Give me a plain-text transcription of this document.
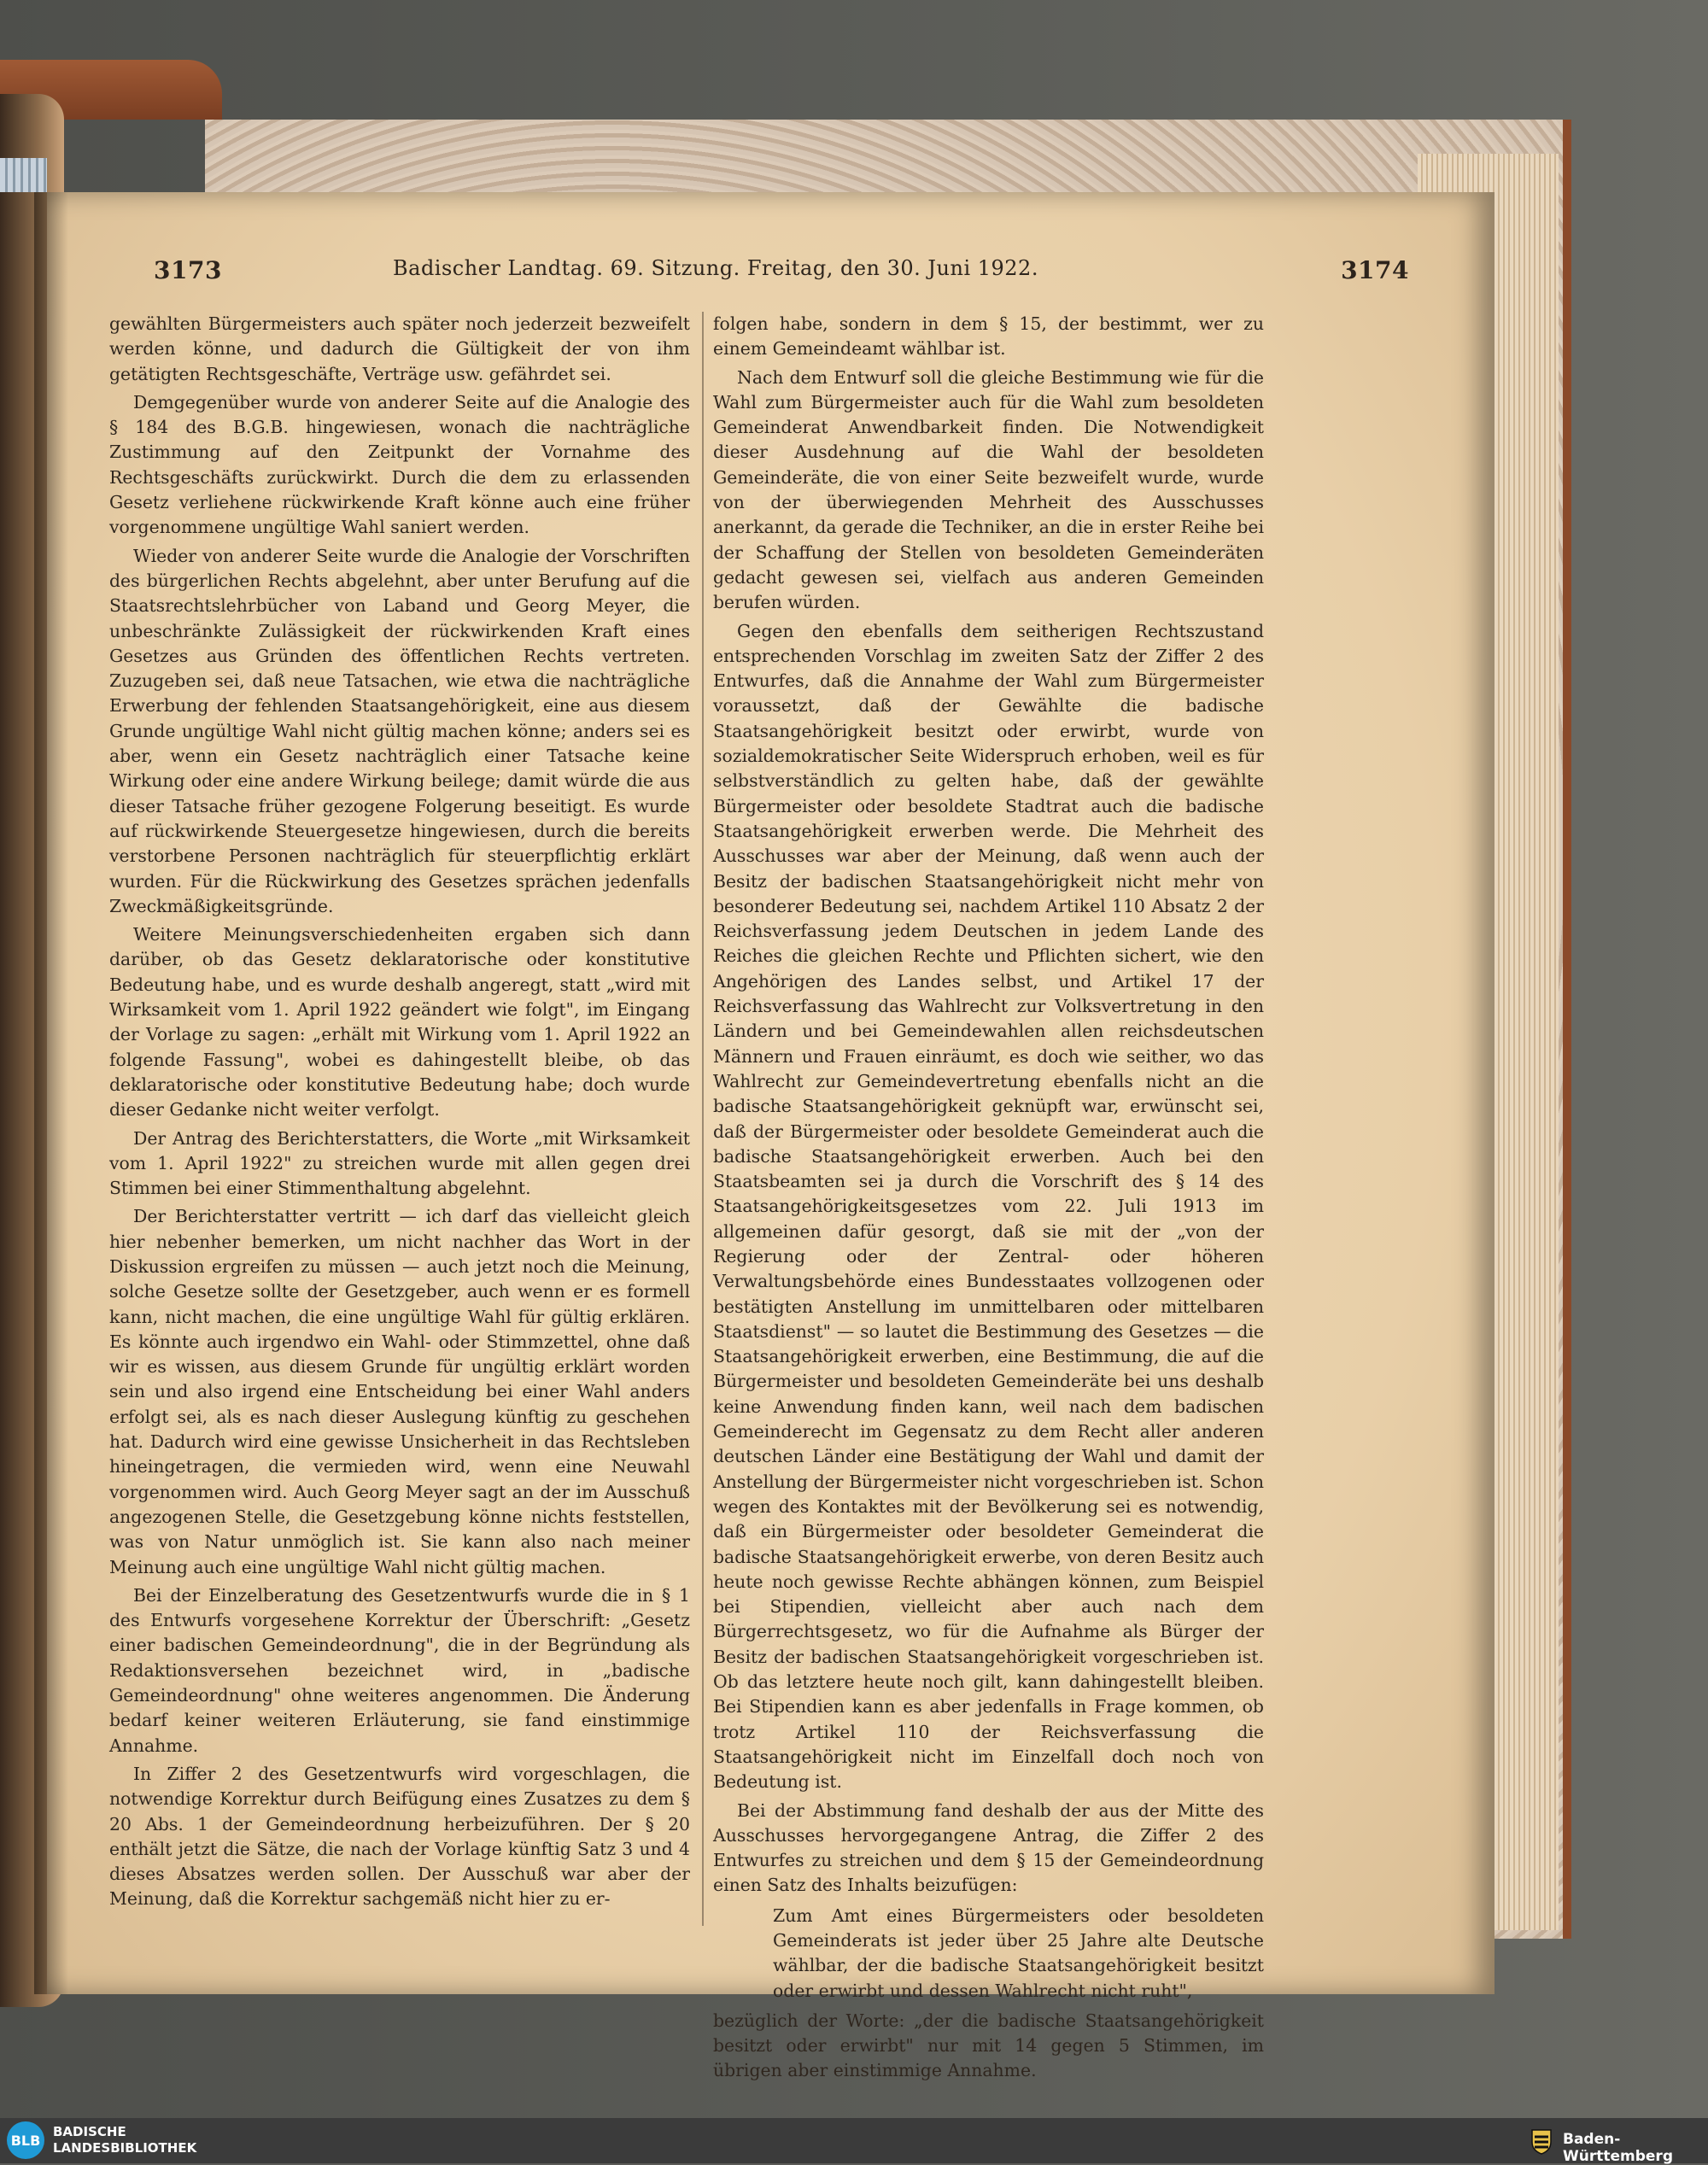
3173	Badischer Landtag. 69. Sitzung. Freitag, den 30. Juni 1922.	3174

gewählten Bürgermeisters auch später noch jederzeit bezweifelt werden könne, und dadurch die Gültigkeit der von ihm getätigten Rechtsgeschäfte, Verträge usw. gefährdet sei.

Demgegenüber wurde von anderer Seite auf die Analogie des § 184 des B.G.B. hingewiesen, wonach die nachträgliche Zustimmung auf den Zeitpunkt der Vornahme des Rechtsgeschäfts zurückwirkt. Durch die dem zu erlassenden Gesetz verliehene rückwirkende Kraft könne auch eine früher vorgenommene ungültige Wahl saniert werden.

Wieder von anderer Seite wurde die Analogie der Vorschriften des bürgerlichen Rechts abgelehnt, aber unter Berufung auf die Staatsrechtslehrbücher von Laband und Georg Meyer, die unbeschränkte Zulässigkeit der rückwirkenden Kraft eines Gesetzes aus Gründen des öffentlichen Rechts vertreten. Zuzugeben sei, daß neue Tatsachen, wie etwa die nachträgliche Erwerbung der fehlenden Staatsangehörigkeit, eine aus diesem Grunde ungültige Wahl nicht gültig machen könne; anders sei es aber, wenn ein Gesetz nachträglich einer Tatsache keine Wirkung oder eine andere Wirkung beilege; damit würde die aus dieser Tatsache früher gezogene Folgerung beseitigt. Es wurde auf rückwirkende Steuergesetze hingewiesen, durch die bereits verstorbene Personen nachträglich für steuerpflichtig erklärt wurden. Für die Rückwirkung des Gesetzes sprächen jedenfalls Zweckmäßigkeitsgründe.

Weitere Meinungsverschiedenheiten ergaben sich dann darüber, ob das Gesetz deklaratorische oder konstitutive Bedeutung habe, und es wurde deshalb angeregt, statt „wird mit Wirksamkeit vom 1. April 1922 geändert wie folgt", im Eingang der Vorlage zu sagen: „erhält mit Wirkung vom 1. April 1922 an folgende Fassung", wobei es dahingestellt bleibe, ob das deklaratorische oder konstitutive Bedeutung habe; doch wurde dieser Gedanke nicht weiter verfolgt.

Der Antrag des Berichterstatters, die Worte „mit Wirksamkeit vom 1. April 1922" zu streichen wurde mit allen gegen drei Stimmen bei einer Stimmenthaltung abgelehnt.

Der Berichterstatter vertritt — ich darf das vielleicht gleich hier nebenher bemerken, um nicht nachher das Wort in der Diskussion ergreifen zu müssen — auch jetzt noch die Meinung, solche Gesetze sollte der Gesetzgeber, auch wenn er es formell kann, nicht machen, die eine ungültige Wahl für gültig erklären. Es könnte auch irgendwo ein Wahl- oder Stimmzettel, ohne daß wir es wissen, aus diesem Grunde für ungültig erklärt worden sein und also irgend eine Entscheidung bei einer Wahl anders erfolgt sei, als es nach dieser Auslegung künftig zu geschehen hat. Dadurch wird eine gewisse Unsicherheit in das Rechtsleben hineingetragen, die vermieden wird, wenn eine Neuwahl vorgenommen wird. Auch Georg Meyer sagt an der im Ausschuß angezogenen Stelle, die Gesetzgebung könne nichts feststellen, was von Natur unmöglich ist. Sie kann also nach meiner Meinung auch eine ungültige Wahl nicht gültig machen.

Bei der Einzelberatung des Gesetzentwurfs wurde die in § 1 des Entwurfs vorgesehene Korrektur der Überschrift: „Gesetz einer badischen Gemeindeordnung", die in der Begründung als Redaktionsversehen bezeichnet wird, in „badische Gemeindeordnung" ohne weiteres angenommen. Die Änderung bedarf keiner weiteren Erläuterung, sie fand einstimmige Annahme.

In Ziffer 2 des Gesetzentwurfs wird vorgeschlagen, die notwendige Korrektur durch Beifügung eines Zusatzes zu dem § 20 Abs. 1 der Gemeindeordnung herbeizuführen. Der § 20 enthält jetzt die Sätze, die nach der Vorlage künftig Satz 3 und 4 dieses Absatzes werden sollen. Der Ausschuß war aber der Meinung, daß die Korrektur sachgemäß nicht hier zu er-

folgen habe, sondern in dem § 15, der bestimmt, wer zu einem Gemeindeamt wählbar ist.

Nach dem Entwurf soll die gleiche Bestimmung wie für die Wahl zum Bürgermeister auch für die Wahl zum besoldeten Gemeinderat Anwendbarkeit finden. Die Notwendigkeit dieser Ausdehnung auf die Wahl der besoldeten Gemeinderäte, die von einer Seite bezweifelt wurde, wurde von der überwiegenden Mehrheit des Ausschusses anerkannt, da gerade die Techniker, an die in erster Reihe bei der Schaffung der Stellen von besoldeten Gemeinderäten gedacht gewesen sei, vielfach aus anderen Gemeinden berufen würden.

Gegen den ebenfalls dem seitherigen Rechtszustand entsprechenden Vorschlag im zweiten Satz der Ziffer 2 des Entwurfes, daß die Annahme der Wahl zum Bürgermeister voraussetzt, daß der Gewählte die badische Staatsangehörigkeit besitzt oder erwirbt, wurde von sozialdemokratischer Seite Widerspruch erhoben, weil es für selbstverständlich zu gelten habe, daß der gewählte Bürgermeister oder besoldete Stadtrat auch die badische Staatsangehörigkeit erwerben werde. Die Mehrheit des Ausschusses war aber der Meinung, daß wenn auch der Besitz der badischen Staatsangehörigkeit nicht mehr von besonderer Bedeutung sei, nachdem Artikel 110 Absatz 2 der Reichsverfassung jedem Deutschen in jedem Lande des Reiches die gleichen Rechte und Pflichten sichert, wie den Angehörigen des Landes selbst, und Artikel 17 der Reichsverfassung das Wahlrecht zur Volksvertretung in den Ländern und bei Gemeindewahlen allen reichsdeutschen Männern und Frauen einräumt, es doch wie seither, wo das Wahlrecht zur Gemeindevertretung ebenfalls nicht an die badische Staatsangehörigkeit geknüpft war, erwünscht sei, daß der Bürgermeister oder besoldete Gemeinderat auch die badische Staatsangehörigkeit erwerben. Auch bei den Staatsbeamten sei ja durch die Vorschrift des § 14 des Staatsangehörigkeitsgesetzes vom 22. Juli 1913 im allgemeinen dafür gesorgt, daß sie mit der „von der Regierung oder der Zentral- oder höheren Verwaltungsbehörde eines Bundesstaates vollzogenen oder bestätigten Anstellung im unmittelbaren oder mittelbaren Staatsdienst" — so lautet die Bestimmung des Gesetzes — die Staatsangehörigkeit erwerben, eine Bestimmung, die auf die Bürgermeister und besoldeten Gemeinderäte bei uns deshalb keine Anwendung finden kann, weil nach dem badischen Gemeinderecht im Gegensatz zu dem Recht aller anderen deutschen Länder eine Bestätigung der Wahl und damit der Anstellung der Bürgermeister nicht vorgeschrieben ist. Schon wegen des Kontaktes mit der Bevölkerung sei es notwendig, daß ein Bürgermeister oder besoldeter Gemeinderat die badische Staatsangehörigkeit erwerbe, von deren Besitz auch heute noch gewisse Rechte abhängen können, zum Beispiel bei Stipendien, vielleicht aber auch nach dem Bürgerrechtsgesetz, wo für die Aufnahme als Bürger der Besitz der badischen Staatsangehörigkeit vorgeschrieben ist. Ob das letztere heute noch gilt, kann dahingestellt bleiben. Bei Stipendien kann es aber jedenfalls in Frage kommen, ob trotz Artikel 110 der Reichsverfassung die Staatsangehörigkeit nicht im Einzelfall doch noch von Bedeutung ist.

Bei der Abstimmung fand deshalb der aus der Mitte des Ausschusses hervorgegangene Antrag, die Ziffer 2 des Entwurfes zu streichen und dem § 15 der Gemeindeordnung einen Satz des Inhalts beizufügen:

Zum Amt eines Bürgermeisters oder besoldeten Gemeinderats ist jeder über 25 Jahre alte Deutsche wählbar, der die badische Staatsangehörigkeit besitzt oder erwirbt und dessen Wahlrecht nicht ruht",

bezüglich der Worte: „der die badische Staatsangehörigkeit besitzt oder erwirbt" nur mit 14 gegen 5 Stimmen, im übrigen aber einstimmige Annahme.

BLB
BADISCHE
LANDESBIBLIOTHEK	Baden-Württemberg
